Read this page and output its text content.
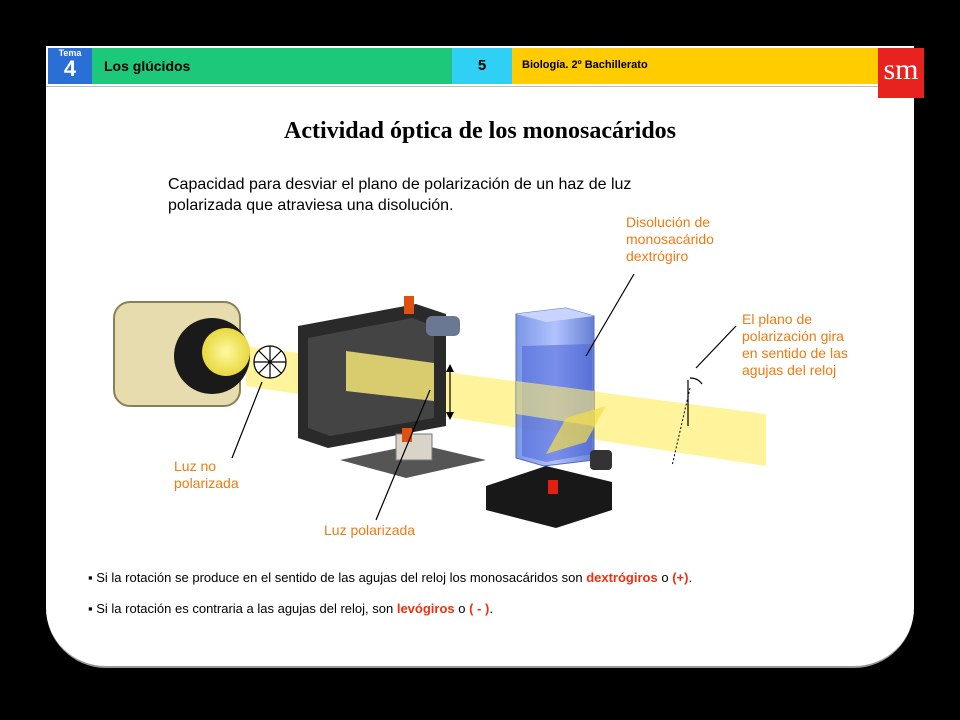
Tema
4	Los glúcidos	5	Biología. 2º Bachillerato	sm
Actividad óptica de los monosacáridos
Capacidad para desviar el plano de polarización de un haz de luz
polarizada que atraviesa una disolución.
Disolución de
monosacárido
dextrógiro
El plano de
polarización gira
en sentido de las
agujas del reloj
Luz no
polarizada
Luz polarizada
▪ Si la rotación se produce en el sentido de las agujas del reloj los monosacáridos son dextrógiros o (+).
▪ Si la rotación es contraria a las agujas del reloj, son levógiros o ( - ).
